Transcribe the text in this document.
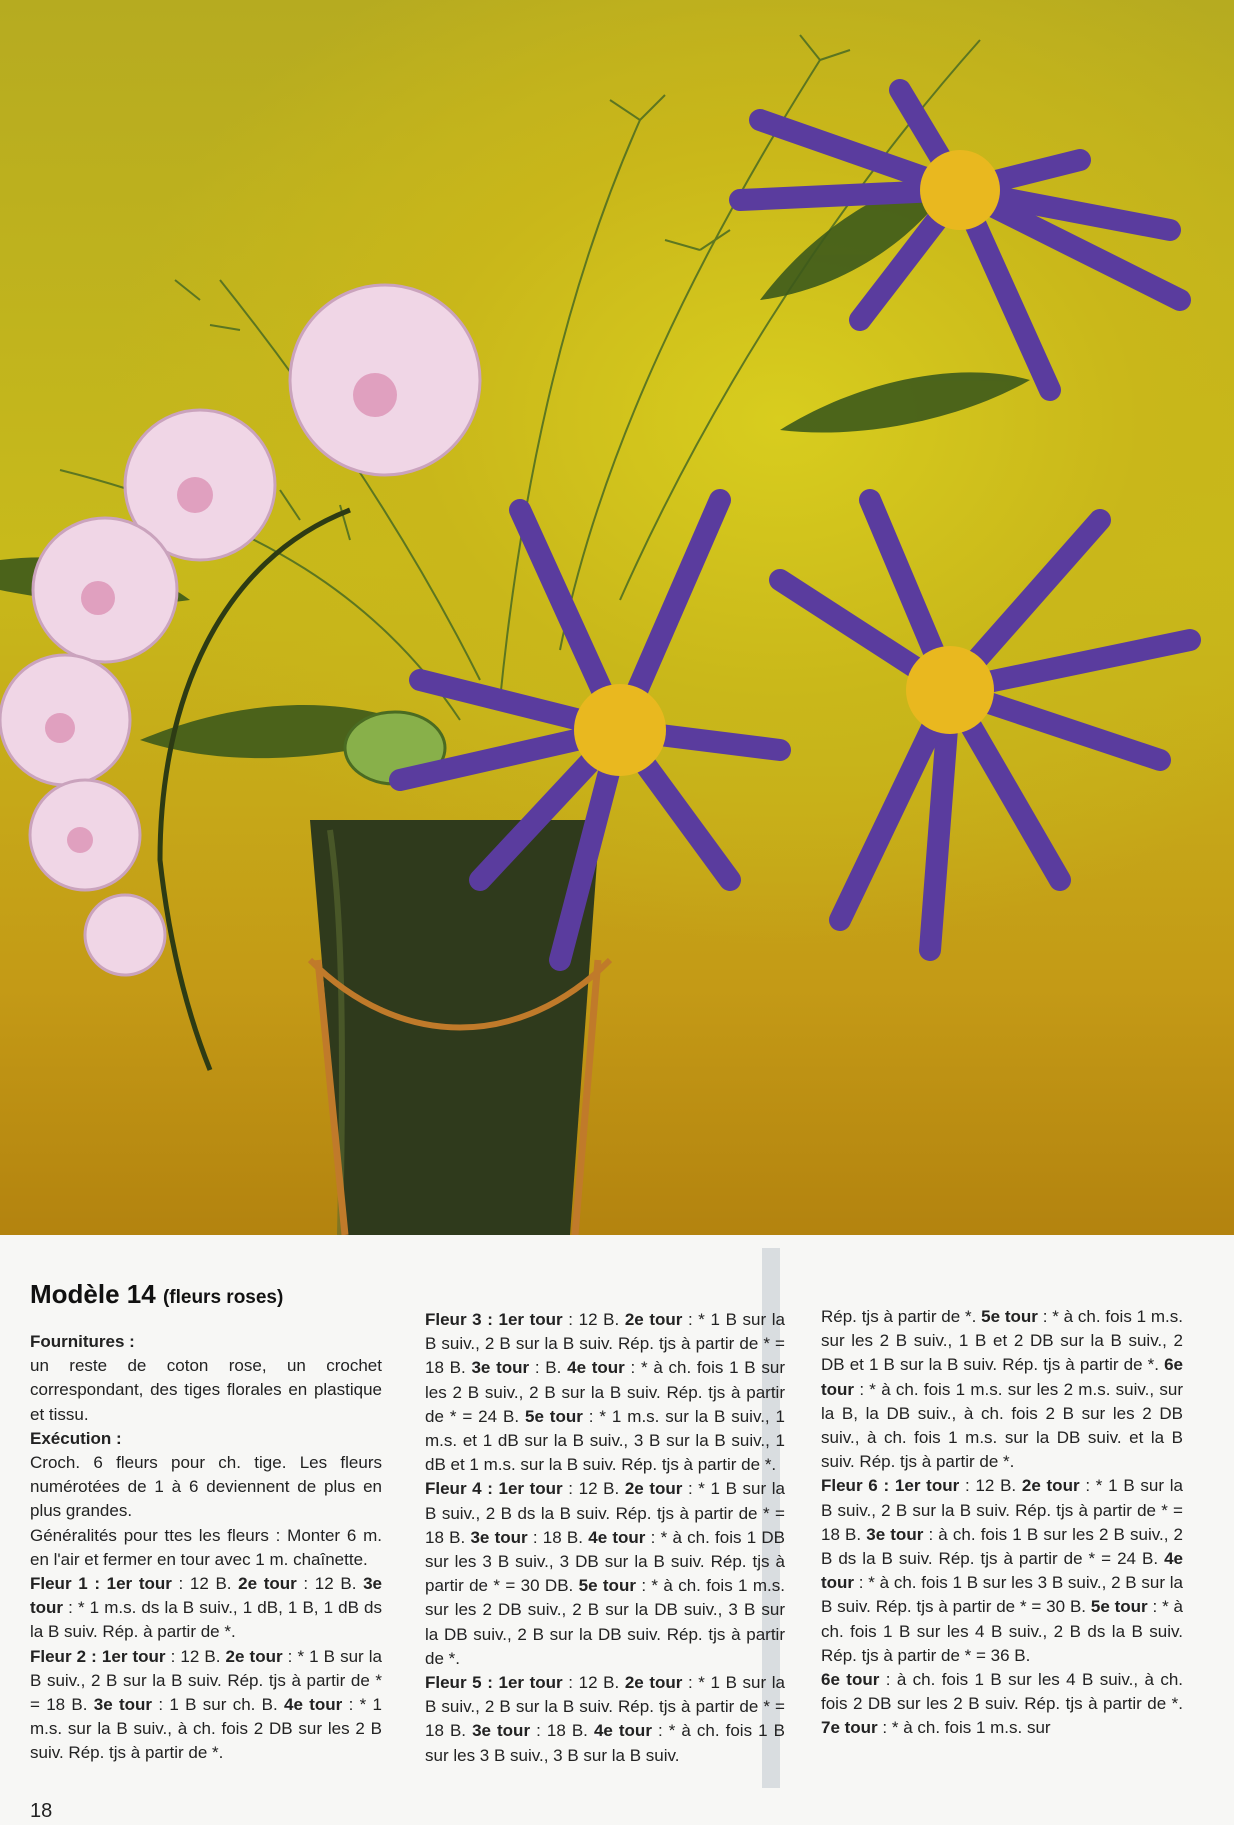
Modèle 14 (fleurs roses)

Fournitures :

un reste de coton rose, un crochet correspondant, des tiges florales en plastique et tissu.

Exécution :

Croch. 6 fleurs pour ch. tige. Les fleurs numérotées de 1 à 6 deviennent de plus en plus grandes.

Généralités pour ttes les fleurs : Monter 6 m. en l'air et fermer en tour avec 1 m. chaînette.

Fleur 1 : 1er tour : 12 B. 2e tour : 12 B. 3e tour : * 1 m.s. ds la B suiv., 1 dB, 1 B, 1 dB ds la B suiv. Rép. à partir de *.

Fleur 2 : 1er tour : 12 B. 2e tour : * 1 B sur la B suiv., 2 B sur la B suiv. Rép. tjs à partir de * = 18 B. 3e tour : 1 B sur ch. B. 4e tour : * 1 m.s. sur la B suiv., à ch. fois 2 DB sur les 2 B suiv. Rép. tjs à partir de *.

Fleur 3 : 1er tour : 12 B. 2e tour : * 1 B sur la B suiv., 2 B sur la B suiv. Rép. tjs à partir de * = 18 B. 3e tour : B. 4e tour : * à ch. fois 1 B sur les 2 B suiv., 2 B sur la B suiv. Rép. tjs à partir de * = 24 B. 5e tour : * 1 m.s. sur la B suiv., 1 m.s. et 1 dB sur la B suiv., 3 B sur la B suiv., 1 dB et 1 m.s. sur la B suiv. Rép. tjs à partir de *.

Fleur 4 : 1er tour : 12 B. 2e tour : * 1 B sur la B suiv., 2 B ds la B suiv. Rép. tjs à partir de * = 18 B. 3e tour : 18 B. 4e tour : * à ch. fois 1 DB sur les 3 B suiv., 3 DB sur la B suiv. Rép. tjs à partir de * = 30 DB. 5e tour : * à ch. fois 1 m.s. sur les 2 DB suiv., 2 B sur la DB suiv., 3 B sur la DB suiv., 2 B sur la DB suiv. Rép. tjs à partir de *.

Fleur 5 : 1er tour : 12 B. 2e tour : * 1 B sur la B suiv., 2 B sur la B suiv. Rép. tjs à partir de * = 18 B. 3e tour : 18 B. 4e tour : * à ch. fois 1 B sur les 3 B suiv., 3 B sur la B suiv.

Rép. tjs à partir de *. 5e tour : * à ch. fois 1 m.s. sur les 2 B suiv., 1 B et 2 DB sur la B suiv., 2 DB et 1 B sur la B suiv. Rép. tjs à partir de *. 6e tour : * à ch. fois 1 m.s. sur les 2 m.s. suiv., sur la B, la DB suiv., à ch. fois 2 B sur les 2 DB suiv., à ch. fois 1 m.s. sur la DB suiv. et la B suiv. Rép. tjs à partir de *.

Fleur 6 : 1er tour : 12 B. 2e tour : * 1 B sur la B suiv., 2 B sur la B suiv. Rép. tjs à partir de * = 18 B. 3e tour : à ch. fois 1 B sur les 2 B suiv., 2 B ds la B suiv. Rép. tjs à partir de * = 24 B. 4e tour : * à ch. fois 1 B sur les 3 B suiv., 2 B sur la B suiv. Rép. tjs à partir de * = 30 B. 5e tour : * à ch. fois 1 B sur les 4 B suiv., 2 B ds la B suiv. Rép. tjs à partir de * = 36 B.

6e tour : à ch. fois 1 B sur les 4 B suiv., à ch. fois 2 DB sur les 2 B suiv. Rép. tjs à partir de *. 7e tour : * à ch. fois 1 m.s. sur

18
